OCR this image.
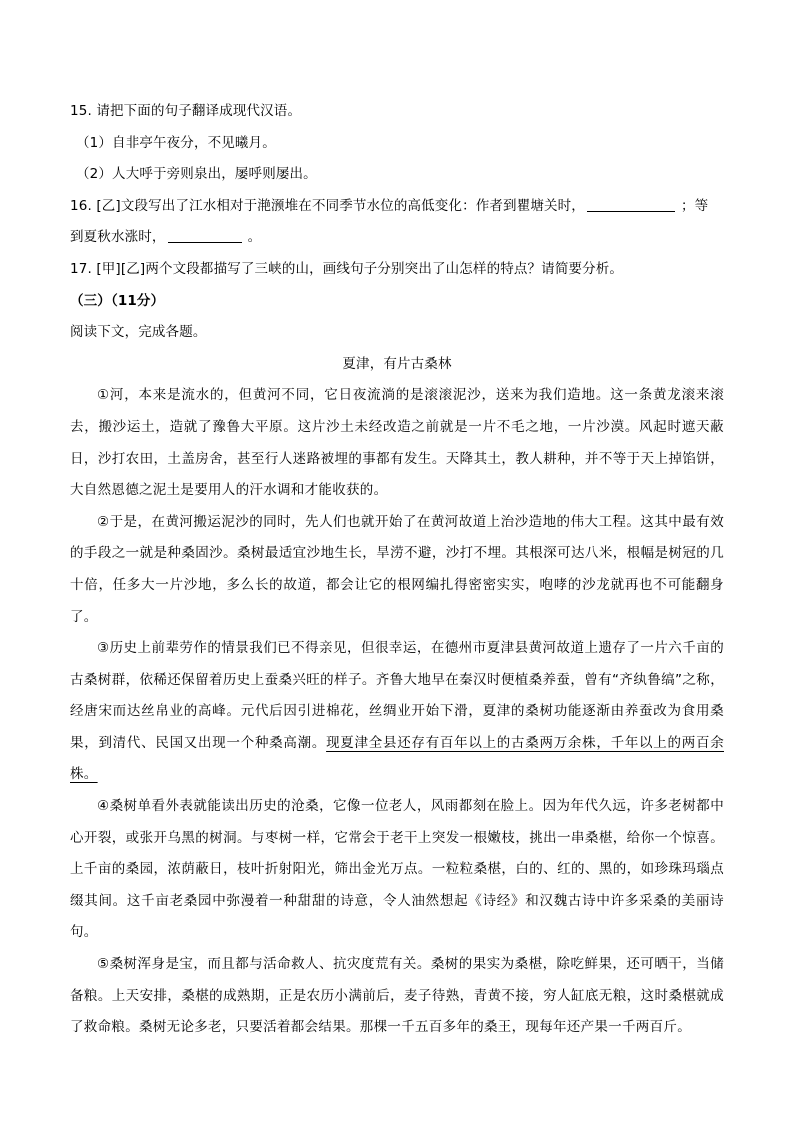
15. 请把下面的句子翻译成现代汉语。
（1）自非亭午夜分，不见曦月。
（2）人大呼于旁则泉出，屡呼则屡出。
16. [乙]文段写出了江水相对于滟滪堆在不同季节水位的高低变化：作者到瞿塘关时，	；等
到夏秋水涨时，	。
17. [甲][乙]两个文段都描写了三峡的山，画线句子分别突出了山怎样的特点？请简要分析。
（三）（11分）
阅读下文，完成各题。
夏津，有片古桑林

①河，本来是流水的，但黄河不同，它日夜流淌的是滚滚泥沙，送来为我们造地。这一条黄龙滚来滚去，搬沙运土，造就了豫鲁大平原。这片沙土未经改造之前就是一片不毛之地，一片沙漠。风起时遮天蔽日，沙打农田，土盖房舍，甚至行人迷路被埋的事都有发生。天降其土，教人耕种，并不等于天上掉馅饼，大自然恩德之泥土是要用人的汗水调和才能收获的。

②于是，在黄河搬运泥沙的同时，先人们也就开始了在黄河故道上治沙造地的伟大工程。这其中最有效的手段之一就是种桑固沙。桑树最适宜沙地生长，旱涝不避，沙打不埋。其根深可达八米，根幅是树冠的几十倍，任多大一片沙地，多么长的故道，都会让它的根网编扎得密密实实，咆哮的沙龙就再也不可能翻身了。

③历史上前辈劳作的情景我们已不得亲见，但很幸运，在德州市夏津县黄河故道上遗存了一片六千亩的古桑树群，依稀还保留着历史上蚕桑兴旺的样子。齐鲁大地早在秦汉时便植桑养蚕，曾有“齐纨鲁缟”之称，经唐宋而达丝帛业的高峰。元代后因引进棉花，丝绸业开始下滑，夏津的桑树功能逐渐由养蚕改为食用桑果，到清代、民国又出现一个种桑高潮。现夏津全县还存有百年以上的古桑两万余株，千年以上的两百余株。

④桑树单看外表就能读出历史的沧桑，它像一位老人，风雨都刻在脸上。因为年代久远，许多老树都中心开裂，或张开乌黑的树洞。与枣树一样，它常会于老干上突发一根嫩枝，挑出一串桑椹，给你一个惊喜。上千亩的桑园，浓荫蔽日，枝叶折射阳光，筛出金光万点。一粒粒桑椹，白的、红的、黑的，如珍珠玛瑙点缀其间。这千亩老桑园中弥漫着一种甜甜的诗意，令人油然想起《诗经》和汉魏古诗中许多采桑的美丽诗句。

⑤桑树浑身是宝，而且都与活命救人、抗灾度荒有关。桑树的果实为桑椹，除吃鲜果，还可晒干，当储备粮。上天安排，桑椹的成熟期，正是农历小满前后，麦子待熟，青黄不接，穷人缸底无粮，这时桑椹就成了救命粮。桑树无论多老，只要活着都会结果。那棵一千五百多年的桑王，现每年还产果一千两百斤。
